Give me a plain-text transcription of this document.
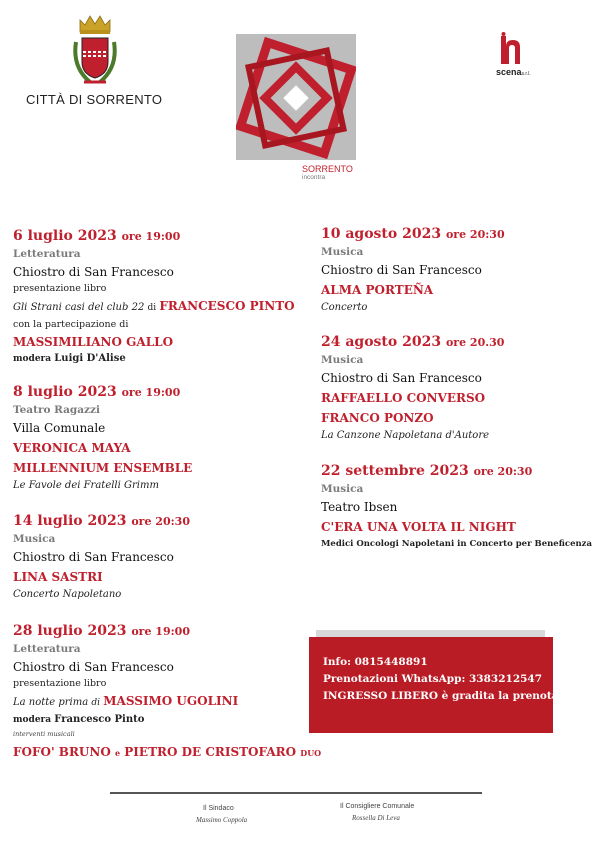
CITTÀ DI SORRENTO
SORRENTO
incontra
scenas.r.l.
6 luglio 2023 ore 19:00
Letteratura
Chiostro di San Francesco
presentazione libro
Gli Strani casi del club 22 di FRANCESCO PINTO
con la partecipazione di
MASSIMILIANO GALLO
modera Luigi D'Alise
8 luglio 2023 ore 19:00
Teatro Ragazzi
Villa Comunale
VERONICA MAYA
MILLENNIUM ENSEMBLE
Le Favole dei Fratelli Grimm
14 luglio 2023 ore 20:30
Musica
Chiostro di San Francesco
LINA SASTRI
Concerto Napoletano
28 luglio 2023 ore 19:00
Letteratura
Chiostro di San Francesco
presentazione libro
La notte prima di MASSIMO UGOLINI
modera Francesco Pinto
interventi musicali
FOFO' BRUNO e PIETRO DE CRISTOFARO DUO
10 agosto 2023 ore 20:30
Musica
Chiostro di San Francesco
ALMA PORTEÑA
Concerto
24 agosto 2023 ore 20.30
Musica
Chiostro di San Francesco
RAFFAELLO CONVERSO
FRANCO PONZO
La Canzone Napoletana d'Autore
22 settembre 2023 ore 20:30
Musica
Teatro Ibsen
C'ERA UNA VOLTA IL NIGHT
Medici Oncologi Napoletani in Concerto per Beneficenza
Info: 0815448891
Prenotazioni WhatsApp: 3383212547
INGRESSO LIBERO è gradita la prenotazione
Il Sindaco
Massimo Coppola
Il Consigliere Comunale
Rossella Di Leva
